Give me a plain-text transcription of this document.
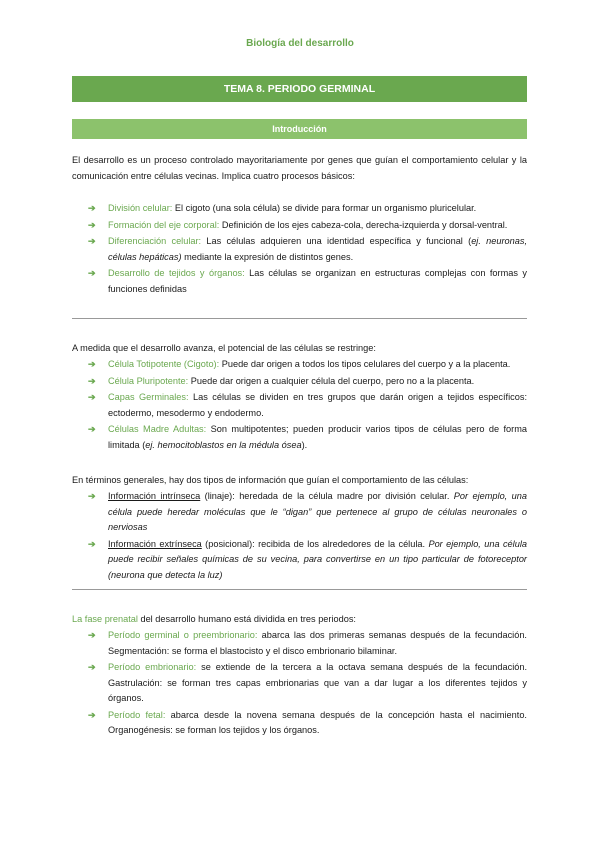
Biología del desarrollo
TEMA 8. PERIODO GERMINAL
Introducción
El desarrollo es un proceso controlado mayoritariamente por genes que guían el comportamiento celular y la comunicación entre células vecinas. Implica cuatro procesos básicos:
➔ División celular: El cigoto (una sola célula) se divide para formar un organismo pluricelular.
➔ Formación del eje corporal: Definición de los ejes cabeza-cola, derecha-izquierda y dorsal-ventral.
➔ Diferenciación celular: Las células adquieren una identidad específica y funcional (ej. neuronas, células hepáticas) mediante la expresión de distintos genes.
➔ Desarrollo de tejidos y órganos: Las células se organizan en estructuras complejas con formas y funciones definidas
A medida que el desarrollo avanza, el potencial de las células se restringe:
➔ Célula Totipotente (Cigoto): Puede dar origen a todos los tipos celulares del cuerpo y a la placenta.
➔ Célula Pluripotente: Puede dar origen a cualquier célula del cuerpo, pero no a la placenta.
➔ Capas Germinales: Las células se dividen en tres grupos que darán origen a tejidos específicos: ectodermo, mesodermo y endodermo.
➔ Células Madre Adultas: Son multipotentes; pueden producir varios tipos de células pero de forma limitada (ej. hemocitoblastos en la médula ósea).
En términos generales, hay dos tipos de información que guían el comportamiento de las células:
➔ Información intrínseca (linaje): heredada de la célula madre por división celular. Por ejemplo, una célula puede heredar moléculas que le “digan” que pertenece al grupo de células neuronales o nerviosas
➔ Información extrínseca (posicional): recibida de los alrededores de la célula. Por ejemplo, una célula puede recibir señales químicas de su vecina, para convertirse en un tipo particular de fotoreceptor (neurona que detecta la luz)
La fase prenatal del desarrollo humano está dividida en tres periodos:
➔ Período germinal o preembrionario: abarca las dos primeras semanas después de la fecundación. Segmentación: se forma el blastocisto y el disco embrionario bilaminar.
➔ Período embrionario: se extiende de la tercera a la octava semana después de la fecundación. Gastrulación: se forman tres capas embrionarias que van a dar lugar a los diferentes tejidos y órganos.
➔ Período fetal: abarca desde la novena semana después de la concepción hasta el nacimiento. Organogénesis: se forman los tejidos y los órganos.
